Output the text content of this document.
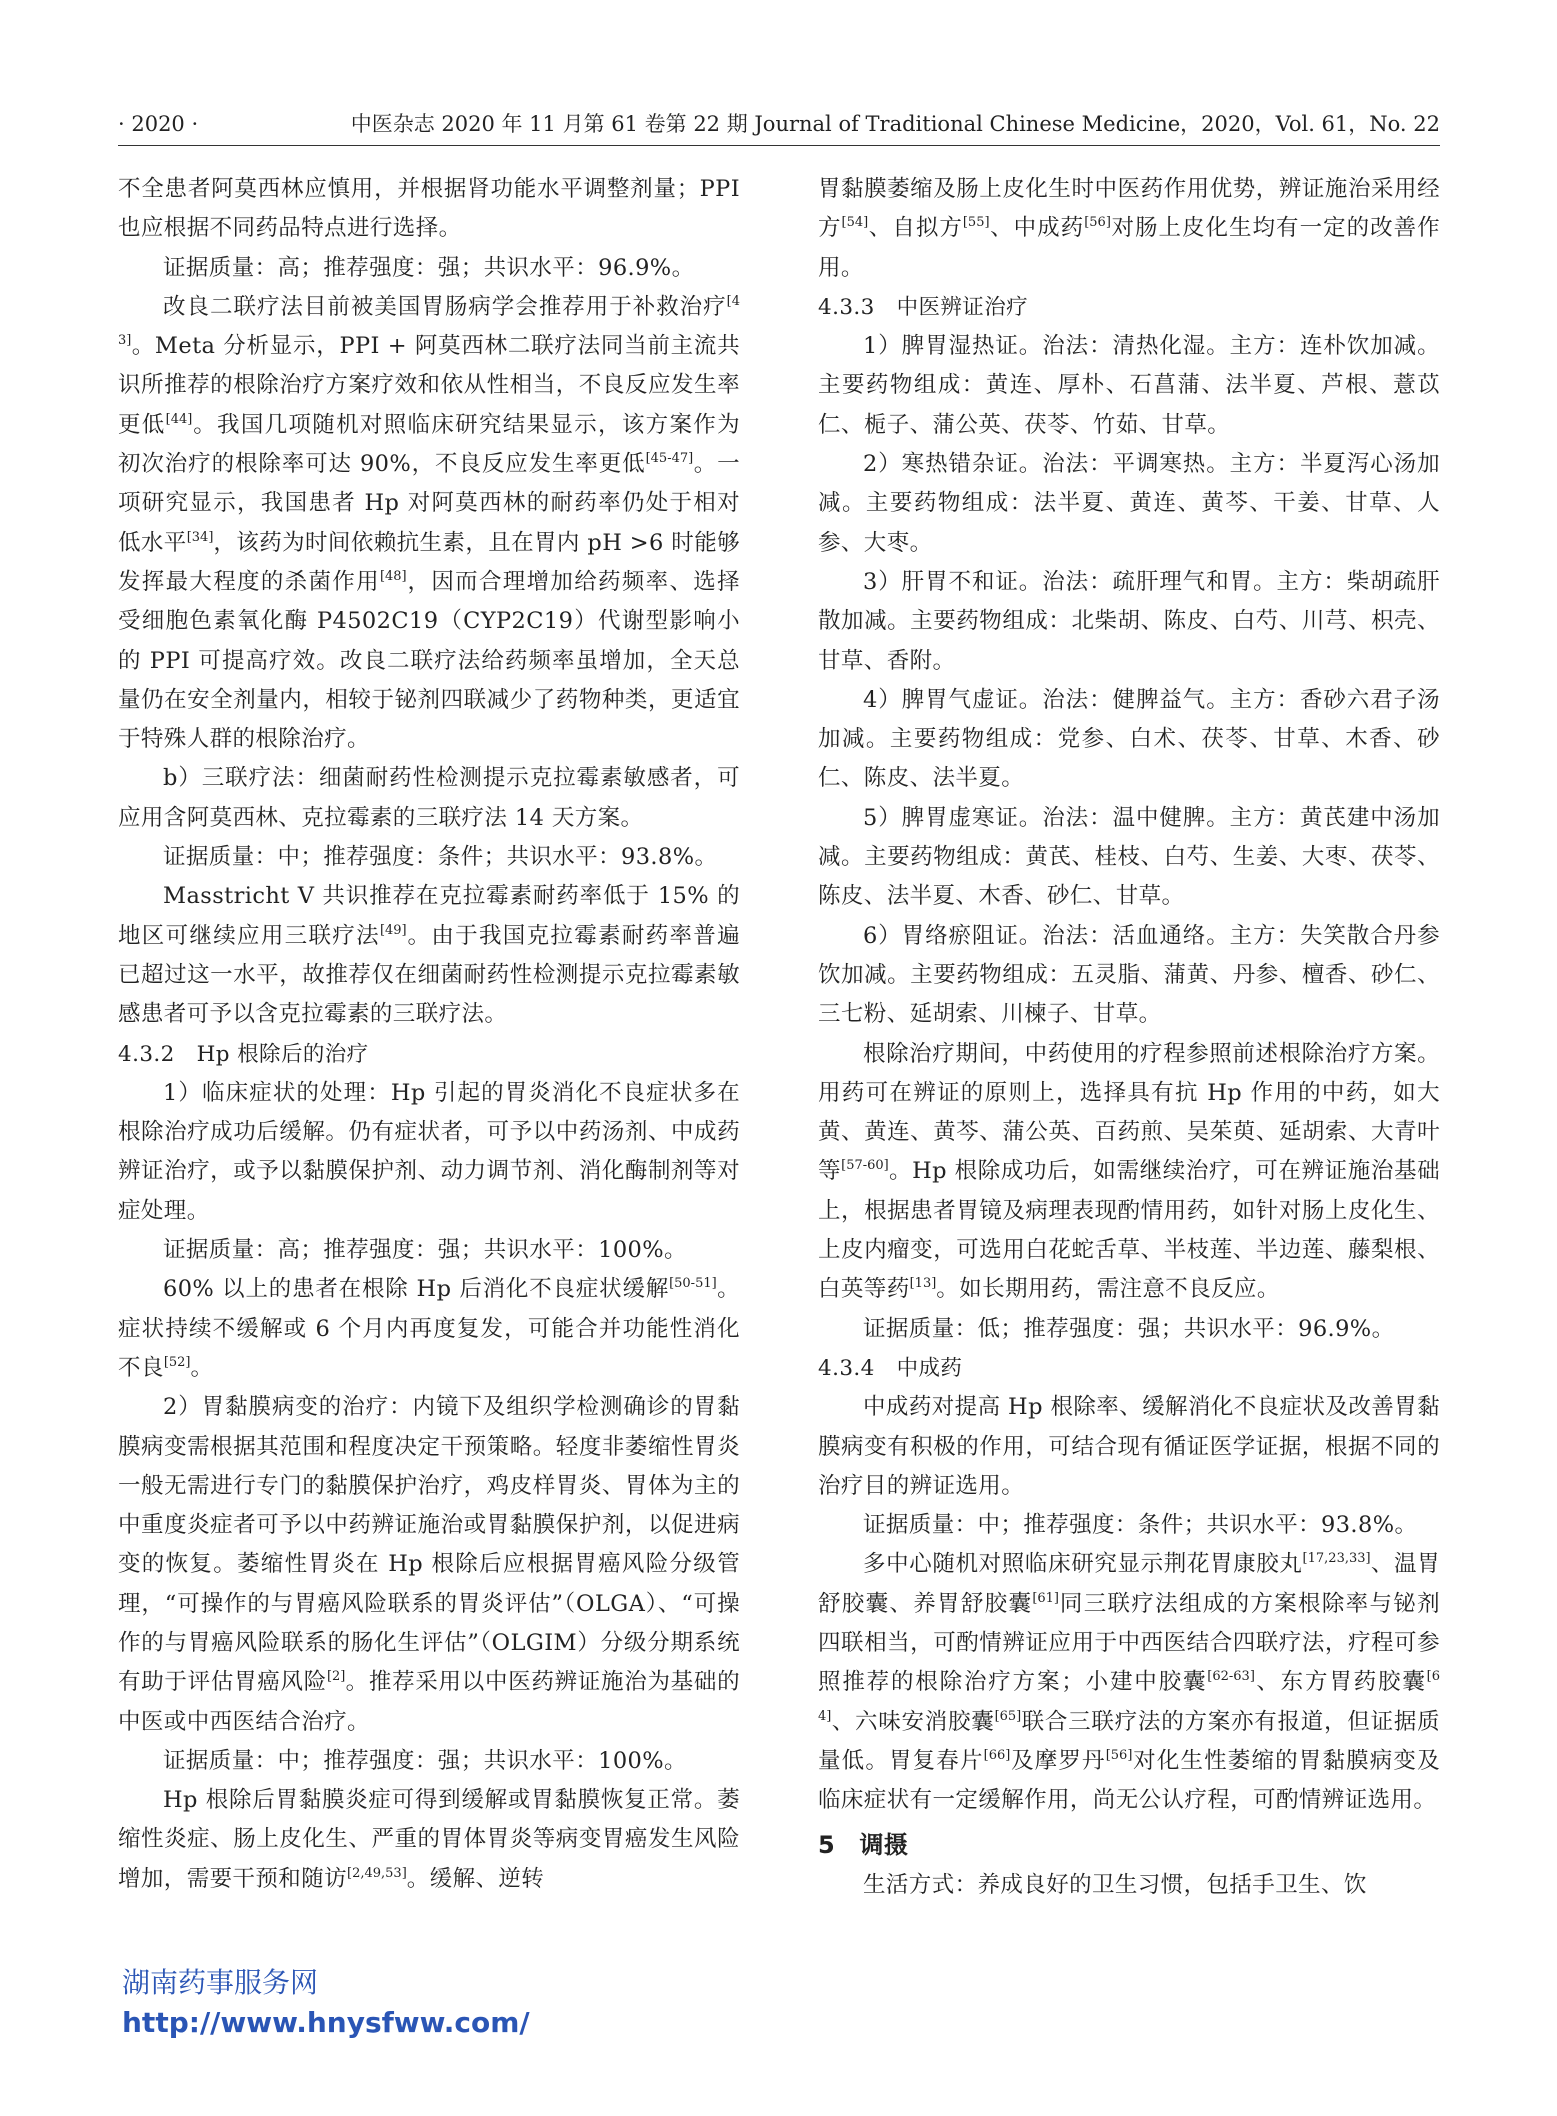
· 2020 ·	中医杂志 2020 年 11 月第 61 卷第 22 期 Journal of Traditional Chinese Medicine，2020，Vol. 61，No. 22

不全患者阿莫西林应慎用，并根据肾功能水平调整剂量；PPI 也应根据不同药品特点进行选择。

证据质量：高；推荐强度：强；共识水平：96.9%。

改良二联疗法目前被美国胃肠病学会推荐用于补救治疗[43]。Meta 分析显示，PPI + 阿莫西林二联疗法同当前主流共识所推荐的根除治疗方案疗效和依从性相当，不良反应发生率更低[44]。我国几项随机对照临床研究结果显示，该方案作为初次治疗的根除率可达 90%，不良反应发生率更低[45-47]。一项研究显示，我国患者 Hp 对阿莫西林的耐药率仍处于相对低水平[34]，该药为时间依赖抗生素，且在胃内 pH >6 时能够发挥最大程度的杀菌作用[48]，因而合理增加给药频率、选择受细胞色素氧化酶 P4502C19（CYP2C19）代谢型影响小的 PPI 可提高疗效。改良二联疗法给药频率虽增加，全天总量仍在安全剂量内，相较于铋剂四联减少了药物种类，更适宜于特殊人群的根除治疗。

b）三联疗法：细菌耐药性检测提示克拉霉素敏感者，可应用含阿莫西林、克拉霉素的三联疗法 14 天方案。

证据质量：中；推荐强度：条件；共识水平：93.8%。

Masstricht V 共识推荐在克拉霉素耐药率低于 15% 的地区可继续应用三联疗法[49]。由于我国克拉霉素耐药率普遍已超过这一水平，故推荐仅在细菌耐药性检测提示克拉霉素敏感患者可予以含克拉霉素的三联疗法。

4.3.2　Hp 根除后的治疗

1）临床症状的处理：Hp 引起的胃炎消化不良症状多在根除治疗成功后缓解。仍有症状者，可予以中药汤剂、中成药辨证治疗，或予以黏膜保护剂、动力调节剂、消化酶制剂等对症处理。

证据质量：高；推荐强度：强；共识水平：100%。

60% 以上的患者在根除 Hp 后消化不良症状缓解[50-51]。症状持续不缓解或 6 个月内再度复发，可能合并功能性消化不良[52]。

2）胃黏膜病变的治疗：内镜下及组织学检测确诊的胃黏膜病变需根据其范围和程度决定干预策略。轻度非萎缩性胃炎一般无需进行专门的黏膜保护治疗，鸡皮样胃炎、胃体为主的中重度炎症者可予以中药辨证施治或胃黏膜保护剂，以促进病变的恢复。萎缩性胃炎在 Hp 根除后应根据胃癌风险分级管理，“可操作的与胃癌风险联系的胃炎评估”（OLGA）、“可操作的与胃癌风险联系的肠化生评估”（OLGIM）分级分期系统有助于评估胃癌风险[2]。推荐采用以中医药辨证施治为基础的中医或中西医结合治疗。

证据质量：中；推荐强度：强；共识水平：100%。

Hp 根除后胃黏膜炎症可得到缓解或胃黏膜恢复正常。萎缩性炎症、肠上皮化生、严重的胃体胃炎等病变胃癌发生风险增加，需要干预和随访[2,49,53]。缓解、逆转

胃黏膜萎缩及肠上皮化生时中医药作用优势，辨证施治采用经方[54]、自拟方[55]、中成药[56]对肠上皮化生均有一定的改善作用。

4.3.3　中医辨证治疗

1）脾胃湿热证。治法：清热化湿。主方：连朴饮加减。主要药物组成：黄连、厚朴、石菖蒲、法半夏、芦根、薏苡仁、栀子、蒲公英、茯苓、竹茹、甘草。

2）寒热错杂证。治法：平调寒热。主方：半夏泻心汤加减。主要药物组成：法半夏、黄连、黄芩、干姜、甘草、人参、大枣。

3）肝胃不和证。治法：疏肝理气和胃。主方：柴胡疏肝散加减。主要药物组成：北柴胡、陈皮、白芍、川芎、枳壳、甘草、香附。

4）脾胃气虚证。治法：健脾益气。主方：香砂六君子汤加减。主要药物组成：党参、白术、茯苓、甘草、木香、砂仁、陈皮、法半夏。

5）脾胃虚寒证。治法：温中健脾。主方：黄芪建中汤加减。主要药物组成：黄芪、桂枝、白芍、生姜、大枣、茯苓、陈皮、法半夏、木香、砂仁、甘草。

6）胃络瘀阻证。治法：活血通络。主方：失笑散合丹参饮加减。主要药物组成：五灵脂、蒲黄、丹参、檀香、砂仁、三七粉、延胡索、川楝子、甘草。

根除治疗期间，中药使用的疗程参照前述根除治疗方案。用药可在辨证的原则上，选择具有抗 Hp 作用的中药，如大黄、黄连、黄芩、蒲公英、百药煎、吴茱萸、延胡索、大青叶等[57-60]。Hp 根除成功后，如需继续治疗，可在辨证施治基础上，根据患者胃镜及病理表现酌情用药，如针对肠上皮化生、上皮内瘤变，可选用白花蛇舌草、半枝莲、半边莲、藤梨根、白英等药[13]。如长期用药，需注意不良反应。

证据质量：低；推荐强度：强；共识水平：96.9%。

4.3.4　中成药

中成药对提高 Hp 根除率、缓解消化不良症状及改善胃黏膜病变有积极的作用，可结合现有循证医学证据，根据不同的治疗目的辨证选用。

证据质量：中；推荐强度：条件；共识水平：93.8%。

多中心随机对照临床研究显示荆花胃康胶丸[17,23,33]、温胃舒胶囊、养胃舒胶囊[61]同三联疗法组成的方案根除率与铋剂四联相当，可酌情辨证应用于中西医结合四联疗法，疗程可参照推荐的根除治疗方案；小建中胶囊[62-63]、东方胃药胶囊[64]、六味安消胶囊[65]联合三联疗法的方案亦有报道，但证据质量低。胃复春片[66]及摩罗丹[56]对化生性萎缩的胃黏膜病变及临床症状有一定缓解作用，尚无公认疗程，可酌情辨证选用。

5　调摄

生活方式：养成良好的卫生习惯，包括手卫生、饮

湖南药事服务网
http://www.hnysfww.com/
